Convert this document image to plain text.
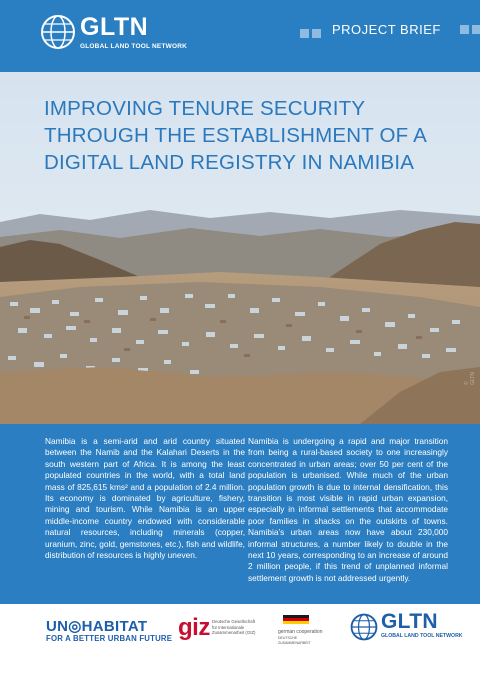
GLTN
GLOBAL LAND TOOL NETWORK
PROJECT BRIEF
IMPROVING TENURE SECURITY THROUGH THE ESTABLISHMENT OF A DIGITAL LAND REGISTRY IN NAMIBIA
© GLTN
Namibia is a semi-arid and arid country situated between the Namib and the Kalahari Deserts in the south western part of Africa. It is among the least populated countries in the world, with a total land mass of 825,615 kms² and a population of 2.4 million. Its economy is dominated by agriculture, fishery, mining and tourism. While Namibia is an upper middle-income country endowed with considerable natural resources, including minerals (copper, uranium, zinc, gold, gemstones, etc.), fish and wildlife, distribution of resources is highly uneven.
Namibia is undergoing a rapid and major transition from being a rural-based society to one increasingly concentrated in urban areas; over 50 per cent of the population is urbanised. While much of the urban population growth is due to internal densification, this transition is most visible in rapid urban expansion, especially in informal settlements that accommodate poor families in shacks on the outskirts of towns. Namibia’s urban areas now have about 230,000 informal structures, a number likely to double in the next 10 years, corresponding to an increase of around 2 million people, if this trend of unplanned informal settlement growth is not addressed urgently.
UN◎HABITAT
FOR A BETTER URBAN FUTURE giz Deutsche Gesellschaft für Internationale Zusammenarbeit (GIZ)	german cooperation
DEUTSCHE ZUSAMMENARBEIT
GLTN
GLOBAL LAND TOOL NETWORK
